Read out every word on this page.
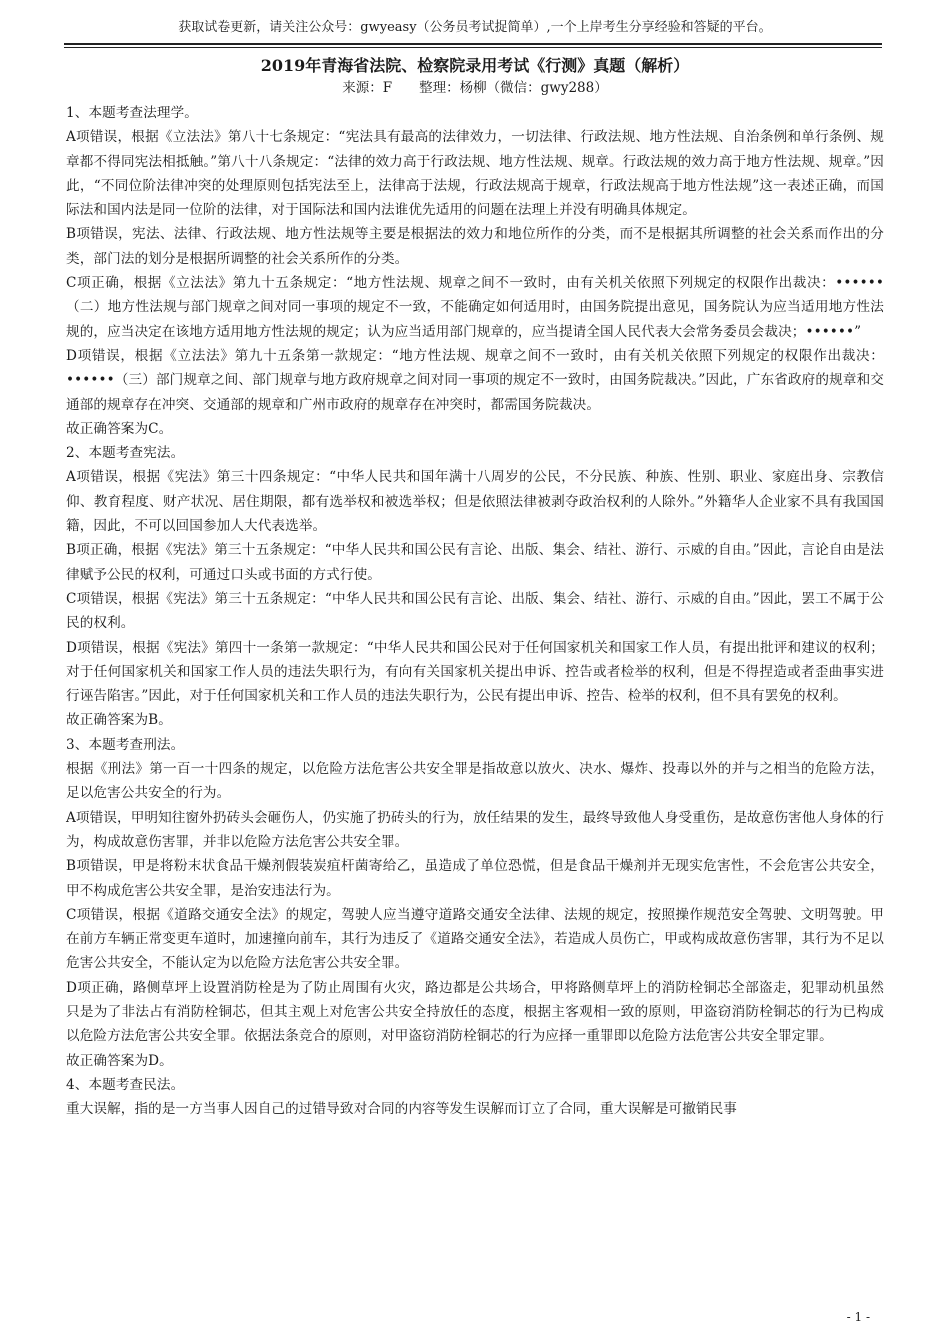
获取试卷更新，请关注公众号：gwyeasy（公务员考试捉简单）,一个上岸考生分享经验和答疑的平台。
2019年青海省法院、检察院录用考试《行测》真题（解析）
来源：F　　整理：杨柳（微信：gwy288）

1、本题考查法理学。

A项错误，根据《立法法》第八十七条规定：“宪法具有最高的法律效力，一切法律、行政法规、地方性法规、自治条例和单行条例、规章都不得同宪法相抵触。”第八十八条规定：“法律的效力高于行政法规、地方性法规、规章。行政法规的效力高于地方性法规、规章。”因此，“不同位阶法律冲突的处理原则包括宪法至上，法律高于法规，行政法规高于规章，行政法规高于地方性法规”这一表述正确，而国际法和国内法是同一位阶的法律，对于国际法和国内法谁优先适用的问题在法理上并没有明确具体规定。

B项错误，宪法、法律、行政法规、地方性法规等主要是根据法的效力和地位所作的分类，而不是根据其所调整的社会关系而作出的分类，部门法的划分是根据所调整的社会关系所作的分类。

C项正确，根据《立法法》第九十五条规定：“地方性法规、规章之间不一致时，由有关机关依照下列规定的权限作出裁决：••••••（二）地方性法规与部门规章之间对同一事项的规定不一致，不能确定如何适用时，由国务院提出意见，国务院认为应当适用地方性法规的，应当决定在该地方适用地方性法规的规定；认为应当适用部门规章的，应当提请全国人民代表大会常务委员会裁决；••••••”

D项错误，根据《立法法》第九十五条第一款规定：“地方性法规、规章之间不一致时，由有关机关依照下列规定的权限作出裁决：••••••（三）部门规章之间、部门规章与地方政府规章之间对同一事项的规定不一致时，由国务院裁决。”因此，广东省政府的规章和交通部的规章存在冲突、交通部的规章和广州市政府的规章存在冲突时，都需国务院裁决。

故正确答案为C。

2、本题考查宪法。

A项错误，根据《宪法》第三十四条规定：“中华人民共和国年满十八周岁的公民，不分民族、种族、性别、职业、家庭出身、宗教信仰、教育程度、财产状况、居住期限，都有选举权和被选举权；但是依照法律被剥夺政治权利的人除外。”外籍华人企业家不具有我国国籍，因此，不可以回国参加人大代表选举。

B项正确，根据《宪法》第三十五条规定：“中华人民共和国公民有言论、出版、集会、结社、游行、示威的自由。”因此，言论自由是法律赋予公民的权利，可通过口头或书面的方式行使。

C项错误，根据《宪法》第三十五条规定：“中华人民共和国公民有言论、出版、集会、结社、游行、示威的自由。”因此，罢工不属于公民的权利。

D项错误，根据《宪法》第四十一条第一款规定：“中华人民共和国公民对于任何国家机关和国家工作人员，有提出批评和建议的权利；对于任何国家机关和国家工作人员的违法失职行为，有向有关国家机关提出申诉、控告或者检举的权利，但是不得捏造或者歪曲事实进行诬告陷害。”因此，对于任何国家机关和工作人员的违法失职行为，公民有提出申诉、控告、检举的权利，但不具有罢免的权利。

故正确答案为B。

3、本题考查刑法。

根据《刑法》第一百一十四条的规定，以危险方法危害公共安全罪是指故意以放火、决水、爆炸、投毒以外的并与之相当的危险方法，足以危害公共安全的行为。

A项错误，甲明知往窗外扔砖头会砸伤人，仍实施了扔砖头的行为，放任结果的发生，最终导致他人身受重伤，是故意伤害他人身体的行为，构成故意伤害罪，并非以危险方法危害公共安全罪。

B项错误，甲是将粉末状食品干燥剂假装炭疽杆菌寄给乙，虽造成了单位恐慌，但是食品干燥剂并无现实危害性，不会危害公共安全，甲不构成危害公共安全罪，是治安违法行为。

C项错误，根据《道路交通安全法》的规定，驾驶人应当遵守道路交通安全法律、法规的规定，按照操作规范安全驾驶、文明驾驶。甲在前方车辆正常变更车道时，加速撞向前车，其行为违反了《道路交通安全法》，若造成人员伤亡，甲或构成故意伤害罪，其行为不足以危害公共安全，不能认定为以危险方法危害公共安全罪。

D项正确，路侧草坪上设置消防栓是为了防止周围有火灾，路边都是公共场合，甲将路侧草坪上的消防栓铜芯全部盗走，犯罪动机虽然只是为了非法占有消防栓铜芯，但其主观上对危害公共安全持放任的态度，根据主客观相一致的原则，甲盗窃消防栓铜芯的行为已构成以危险方法危害公共安全罪。依据法条竞合的原则，对甲盗窃消防栓铜芯的行为应择一重罪即以危险方法危害公共安全罪定罪。

故正确答案为D。

4、本题考查民法。

重大误解，指的是一方当事人因自己的过错导致对合同的内容等发生误解而订立了合同，重大误解是可撤销民事

- 1 -
